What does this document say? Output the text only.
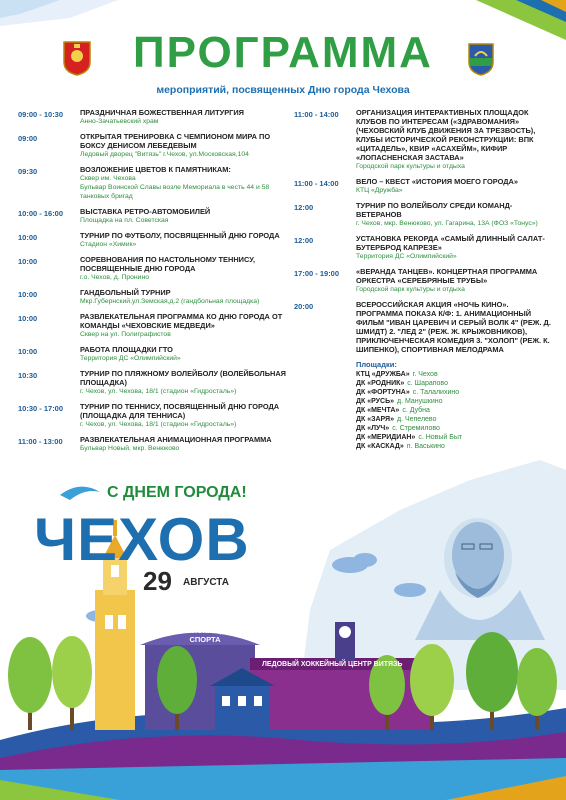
ПРОГРАММА
мероприятий, посвященных Дню города Чехова
09:00 - 10:30	ПРАЗДНИЧНАЯ БОЖЕСТВЕННАЯ ЛИТУРГИЯ
Анно-Зачатьевский храм
09:00	ОТКРЫТАЯ ТРЕНИРОВКА С ЧЕМПИОНОМ МИРА ПО БОКСУ ДЕНИСОМ ЛЕБЕДЕВЫМ
Ледовый дворец "Витязь" г.Чехов, ул.Московская,104
09:30	ВОЗЛОЖЕНИЕ ЦВЕТОВ К ПАМЯТНИКАМ:
Сквер им. Чехова
Бульвар Воинской Славы возле Мемориала в честь 44 и 58 танковых бригад
10:00 - 16:00	ВЫСТАВКА РЕТРО-АВТОМОБИЛЕЙ
Площадка на пл. Советская
10:00	ТУРНИР ПО ФУТБОЛУ, ПОСВЯЩЕННЫЙ ДНЮ ГОРОДА
Стадион «Химик»
10:00	СОРЕВНОВАНИЯ ПО НАСТОЛЬНОМУ ТЕННИСУ, ПОСВЯЩЕННЫЕ ДНЮ ГОРОДА
г.о. Чехов, д. Пронино
10:00	ГАНДБОЛЬНЫЙ ТУРНИР
Мкр.Губернский,ул.Земская,д.2 (гандбольная площадка)
10:00	РАЗВЛЕКАТЕЛЬНАЯ ПРОГРАММА КО ДНЮ ГОРОДА ОТ КОМАНДЫ «ЧЕХОВСКИЕ МЕДВЕДИ»
Сквер на ул. Полиграфистов
10:00	РАБОТА ПЛОЩАДКИ ГТО
Территория ДС «Олимпийский»
10:30	ТУРНИР ПО ПЛЯЖНОМУ ВОЛЕЙБОЛУ (ВОЛЕЙБОЛЬНАЯ ПЛОЩАДКА)
г. Чехов, ул. Чехова, 18/1 (стадион «Гидросталь»)
10:30 - 17:00	ТУРНИР ПО ТЕННИСУ, ПОСВЯЩЕННЫЙ ДНЮ ГОРОДА (ПЛОЩАДКА ДЛЯ ТЕННИСА)
г. Чехов, ул. Чехова, 18/1 (стадион «Гидросталь»)
11:00 - 13:00	РАЗВЛЕКАТЕЛЬНАЯ АНИМАЦИОННАЯ ПРОГРАММА
Бульвар Новый, мкр. Венюково
11:00 - 14:00	ОРГАНИЗАЦИЯ ИНТЕРАКТИВНЫХ ПЛОЩАДОК КЛУБОВ ПО ИНТЕРЕСАМ («ЗДРАВОМАНИЯ» (ЧЕХОВСКИЙ КЛУБ ДВИЖЕНИЯ ЗА ТРЕЗВОСТЬ), КЛУБЫ ИСТОРИЧЕСКОЙ РЕКОНСТРУКЦИИ: ВПК «ЦИТАДЕЛЬ», КВИР «АСАХЕЙМ», КИФИР «ЛОПАСНЕНСКАЯ ЗАСТАВА»
Городской парк культуры и отдыха
11:00 - 14:00	ВЕЛО – КВЕСТ «ИСТОРИЯ МОЕГО ГОРОДА»
КТЦ «Дружба»
12:00	ТУРНИР ПО ВОЛЕЙБОЛУ СРЕДИ КОМАНД-ВЕТЕРАНОВ
г. Чехов, мкр. Венюково, ул. Гагарина, 13А (ФОЗ «Тонус»)
12:00	УСТАНОВКА РЕКОРДА «САМЫЙ ДЛИННЫЙ САЛАТ-БУТЕРБРОД КАПРЕЗЕ»
Территория ДС «Олимпийский»
17:00 - 19:00	«ВЕРАНДА ТАНЦЕВ». КОНЦЕРТНАЯ ПРОГРАММА ОРКЕСТРА «СЕРЕБРЯНЫЕ ТРУБЫ»
Городской парк культуры и отдыха
20:00	ВСЕРОССИЙСКАЯ АКЦИЯ «НОЧЬ КИНО». ПРОГРАММА ПОКАЗА К/Ф: 1. АНИМАЦИОННЫЙ ФИЛЬМ "ИВАН ЦАРЕВИЧ И СЕРЫЙ ВОЛК 4" (РЕЖ. Д. ШМИДТ) 2. "ЛЕД 2" (РЕЖ. Ж. КРЫЖОВНИКОВ), ПРИКЛЮЧЕНЧЕСКАЯ КОМЕДИЯ 3. "ХОЛОП" (РЕЖ. К. ШИПЕНКО), СПОРТИВНАЯ МЕЛОДРАМА
Площадки:
КТЦ «ДРУЖБА» г. Чехов
ДК «РОДНИК» с. Шарапово
ДК «ФОРТУНА» с. Талалихино
ДК «РУСЬ» д. Манушкино
ДК «МЕЧТА» с. Дубна
ДК «ЗАРЯ» д. Чепелево
ДК «ЛУЧ» с. Стремилово
ДК «МЕРИДИАН» с. Новый Быт
ДК «КАСКАД» п. Васькино
С ДНЕМ ГОРОДА!
ЧЕХОВ
29 АВГУСТА
ОЛИМПИЙСКИЙ ДВОРЕЦ СПОРТА
ЛЕДОВЫЙ ХОККЕЙНЫЙ ЦЕНТР ВИТЯЗЬ
